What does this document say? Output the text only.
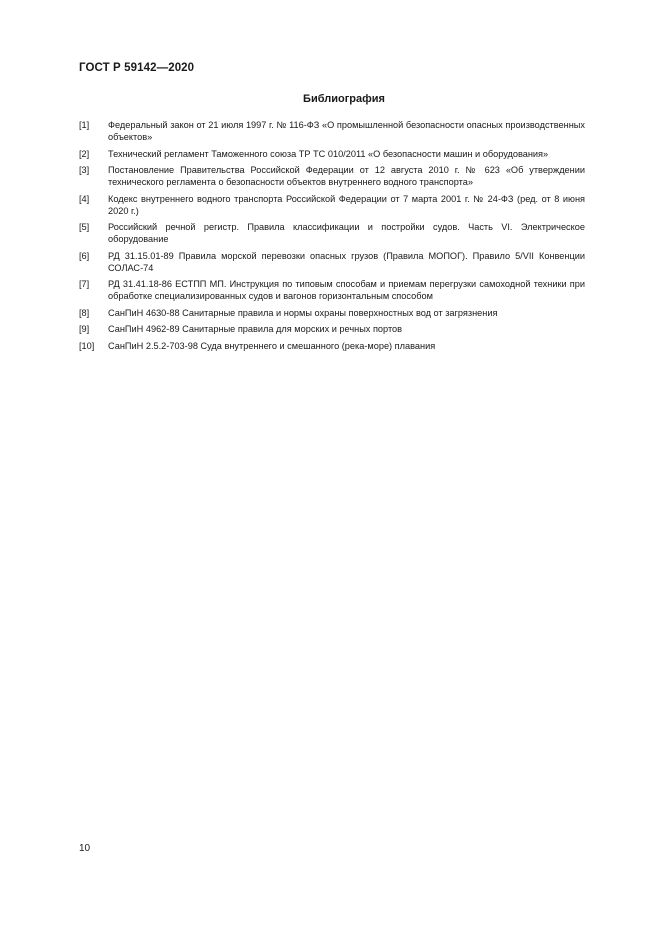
ГОСТ Р 59142—2020
Библиография
[1]	Федеральный закон от 21 июля 1997 г. № 116-ФЗ «О промышленной безопасности опасных производственных объектов»
[2]	Технический регламент Таможенного союза ТР ТС 010/2011 «О безопасности машин и оборудования»
[3]	Постановление Правительства Российской Федерации от 12 августа 2010 г. № 623 «Об утверждении технического регламента о безопасности объектов внутреннего водного транспорта»
[4]	Кодекс внутреннего водного транспорта Российской Федерации от 7 марта 2001 г. № 24-ФЗ (ред. от 8 июня 2020 г.)
[5]	Российский речной регистр. Правила классификации и постройки судов. Часть VI. Электрическое оборудование
[6]	РД 31.15.01-89 Правила морской перевозки опасных грузов (Правила МОПОГ). Правило 5/VII Конвенции СОЛАС-74
[7]	РД 31.41.18-86 ЕСТПП МП. Инструкция по типовым способам и приемам перегрузки самоходной техники при обработке специализированных судов и вагонов горизонтальным способом
[8]	СанПиН 4630-88 Санитарные правила и нормы охраны поверхностных вод от загрязнения
[9]	СанПиН 4962-89 Санитарные правила для морских и речных портов
[10]	СанПиН 2.5.2-703-98 Суда внутреннего и смешанного (река-море) плавания
10
